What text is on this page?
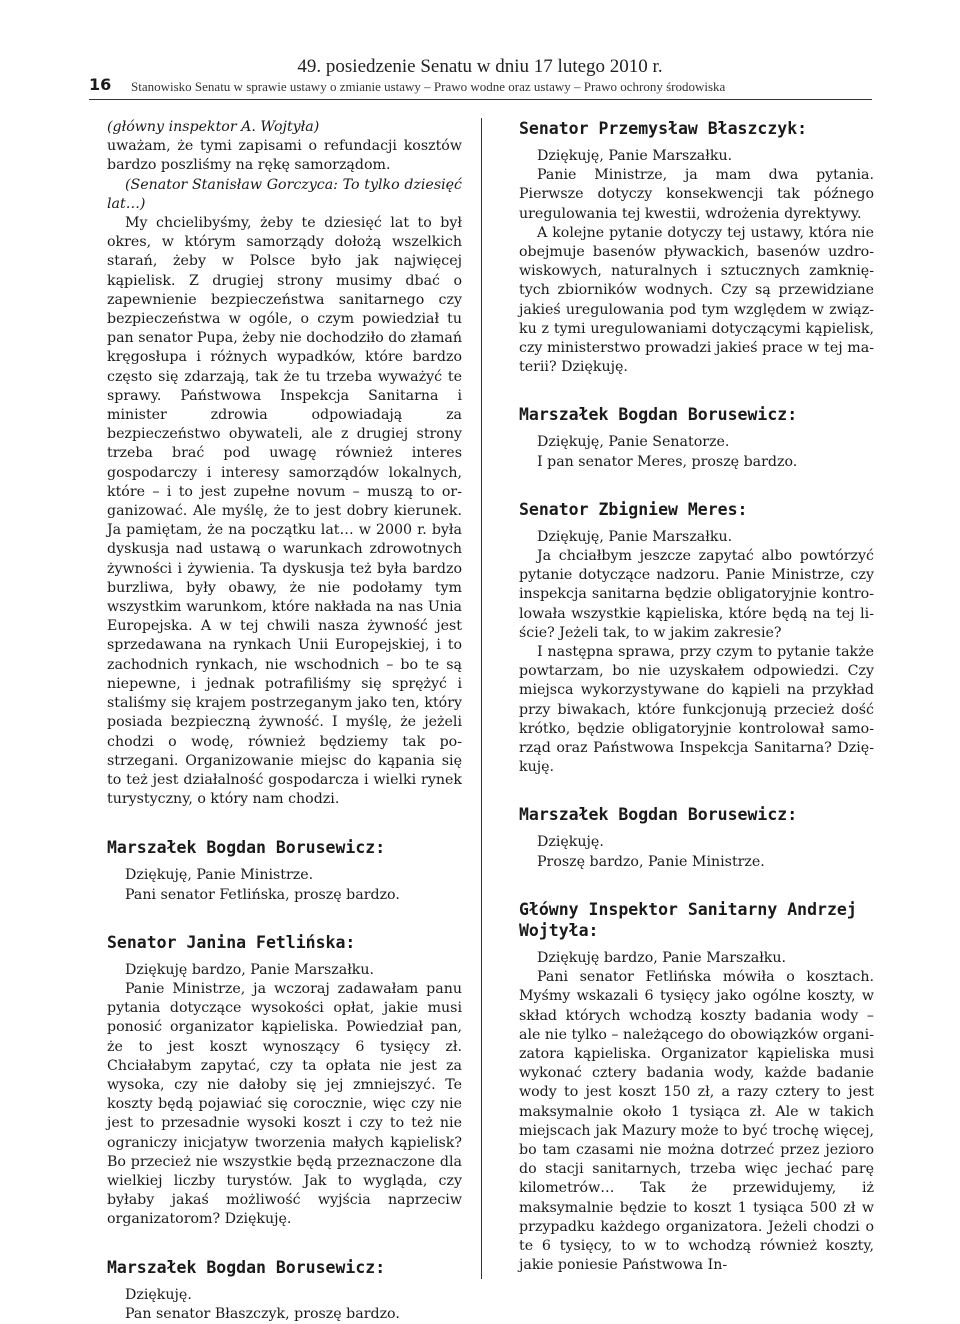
49. posiedzenie Senatu w dniu 17 lutego 2010 r.
16 Stanowisko Senatu w sprawie ustawy o zmianie ustawy – Prawo wodne oraz ustawy – Prawo ochrony środowiska

(główny inspektor A. Wojtyła)

uważam, że tymi zapisami o refundacji kosztów bardzo poszliśmy na rękę samorządom.

(Senator Stanisław Gorczyca: To tylko dziesięć lat…)

My chcielibyśmy, żeby te dziesięć lat to był okres, w którym samorządy dołożą wszelkich starań, żeby w Polsce było jak najwięcej kąpielisk. Z drugiej strony musimy dbać o zapewnienie bezpieczeństwa sanitarnego czy bezpieczeństwa w ogóle, o czym powiedział tu pan senator Pupa, żeby nie dochodziło do złamań kręgosłupa i różnych wypadków, które bardzo często się zdarzają, tak że tu trzeba wyważyć te sprawy. Państwowa Inspekcja Sanitarna i minister zdrowia odpowiadają za bezpieczeństwo obywateli, ale z drugiej strony trzeba brać pod uwagę również interes gospodarczy i interesy samorządów lokalnych, które – i to jest zupełne novum – muszą to organizować. Ale myślę, że to jest dobry kierunek. Ja pamiętam, że na początku lat… w 2000 r. była dyskusja nad ustawą o warunkach zdrowotnych żywności i żywienia. Ta dyskusja też była bardzo burzliwa, były obawy, że nie podołamy tym wszystkim warunkom, które nakłada na nas Unia Europejska. A w tej chwili nasza żywność jest sprzedawana na rynkach Unii Europejskiej, i to zachodnich rynkach, nie wschodnich – bo te są niepewne, i jednak potrafiliśmy się sprężyć i staliśmy się krajem postrzeganym jako ten, który posiada bezpieczną żywność. I myślę, że jeżeli chodzi o wodę, również będziemy tak postrzegani. Organizowanie miejsc do kąpania się to też jest działalność gospodarcza i wielki rynek turystyczny, o który nam chodzi.

Marszałek Bogdan Borusewicz:

Dziękuję, Panie Ministrze.

Pani senator Fetlińska, proszę bardzo.

Senator Janina Fetlińska:

Dziękuję bardzo, Panie Marszałku.

Panie Ministrze, ja wczoraj zadawałam panu pytania dotyczące wysokości opłat, jakie musi ponosić organizator kąpieliska. Powiedział pan, że to jest koszt wynoszący 6 tysięcy zł. Chciałabym zapytać, czy ta opłata nie jest za wysoka, czy nie dałoby się jej zmniejszyć. Te koszty będą pojawiać się corocznie, więc czy nie jest to przesadnie wysoki koszt i czy to też nie ograniczy inicjatyw tworzenia małych kąpielisk? Bo przecież nie wszystkie będą przeznaczone dla wielkiej liczby turystów. Jak to wygląda, czy byłaby jakaś możliwość wyjścia naprzeciw organizatorom? Dziękuję.

Marszałek Bogdan Borusewicz:

Dziękuję.

Pan senator Błaszczyk, proszę bardzo.

Senator Przemysław Błaszczyk:

Dziękuję, Panie Marszałku.

Panie Ministrze, ja mam dwa pytania. Pierwsze dotyczy konsekwencji tak późnego uregulowania tej kwestii, wdrożenia dyrektywy.

A kolejne pytanie dotyczy tej ustawy, która nie obejmuje basenów pływackich, basenów uzdrowiskowych, naturalnych i sztucznych zamkniętych zbiorników wodnych. Czy są przewidziane jakieś uregulowania pod tym względem w związku z tymi uregulowaniami dotyczącymi kąpielisk, czy ministerstwo prowadzi jakieś prace w tej materii? Dziękuję.

Marszałek Bogdan Borusewicz:

Dziękuję, Panie Senatorze.

I pan senator Meres, proszę bardzo.

Senator Zbigniew Meres:

Dziękuję, Panie Marszałku.

Ja chciałbym jeszcze zapytać albo powtórzyć pytanie dotyczące nadzoru. Panie Ministrze, czy inspekcja sanitarna będzie obligatoryjnie kontrolowała wszystkie kąpieliska, które będą na tej liście? Jeżeli tak, to w jakim zakresie?

I następna sprawa, przy czym to pytanie także powtarzam, bo nie uzyskałem odpowiedzi. Czy miejsca wykorzystywane do kąpieli na przykład przy biwakach, które funkcjonują przecież dość krótko, będzie obligatoryjnie kontrolował samorząd oraz Państwowa Inspekcja Sanitarna? Dziękuję.

Marszałek Bogdan Borusewicz:

Dziękuję.

Proszę bardzo, Panie Ministrze.

Główny Inspektor Sanitarny Andrzej Wojtyła:

Dziękuję bardzo, Panie Marszałku.

Pani senator Fetlińska mówiła o kosztach. Myśmy wskazali 6 tysięcy jako ogólne koszty, w skład których wchodzą koszty badania wody – ale nie tylko – należącego do obowiązków organizatora kąpieliska. Organizator kąpieliska musi wykonać cztery badania wody, każde badanie wody to jest koszt 150 zł, a razy cztery to jest maksymalnie około 1 tysiąca zł. Ale w takich miejscach jak Mazury może to być trochę więcej, bo tam czasami nie można dotrzeć przez jezioro do stacji sanitarnych, trzeba więc jechać parę kilometrów… Tak że przewidujemy, iż maksymalnie będzie to koszt 1 tysiąca 500 zł w przypadku każdego organizatora. Jeżeli chodzi o te 6 tysięcy, to w to wchodzą również koszty, jakie poniesie Państwowa In-
